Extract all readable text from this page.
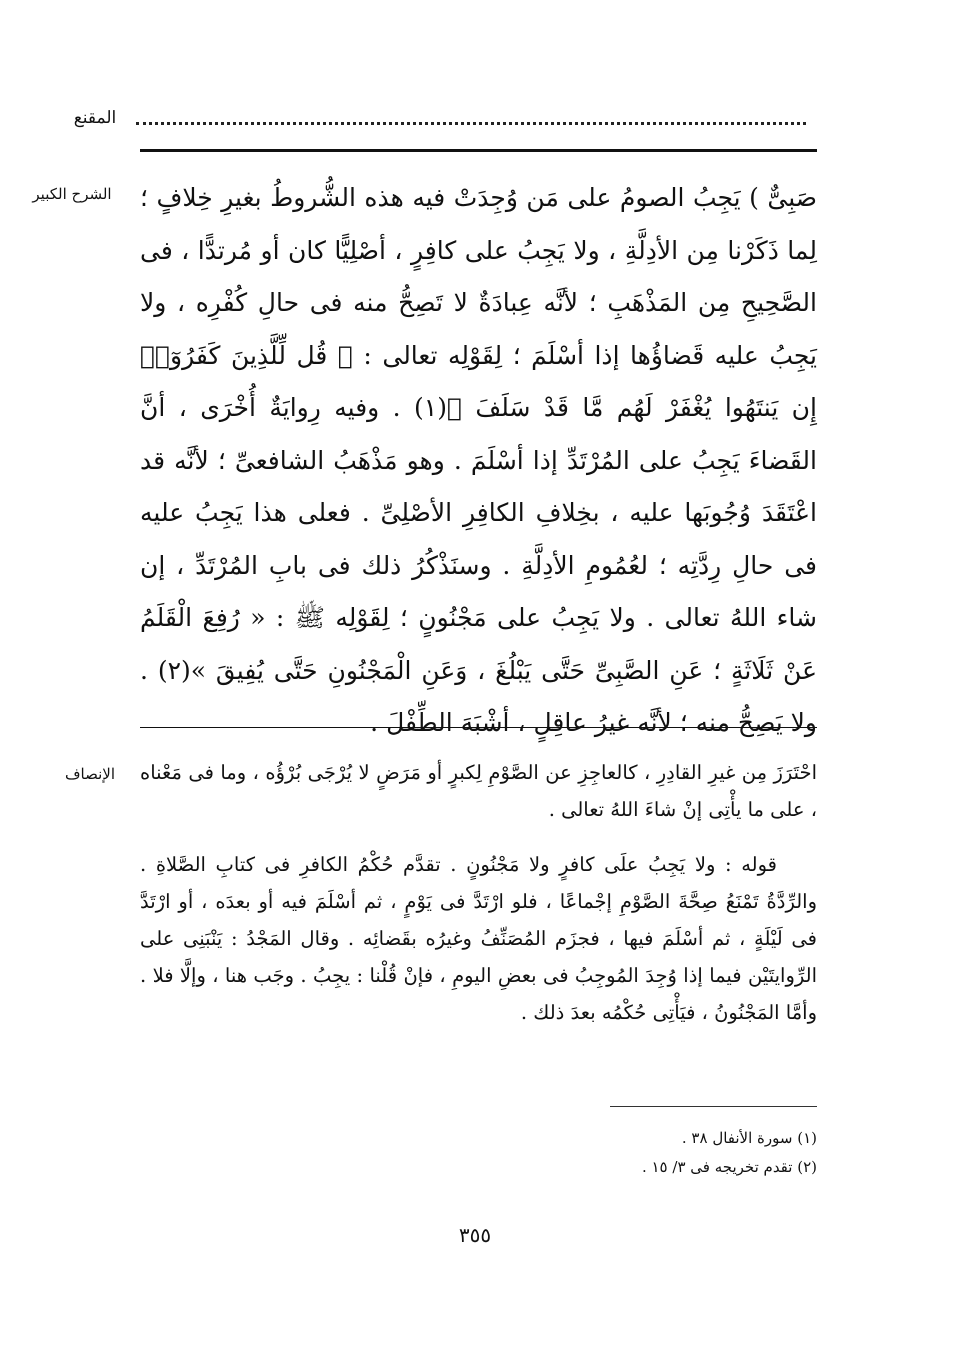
المقنع
الشرح الكبير	صَبِىٌّ ) يَجِبُ الصومُ على مَن وُجِدَتْ فيه هذه الشُّروطُ بغيرِ خِلافٍ ؛ لِما ذَكَرْنا مِن الأدِلَّةِ ، ولا يَجِبُ على كافِرٍ ، أصْلِيًّا كان أو مُرتدًّا ، فى الصَّحِيحِ مِن المَذْهَبِ ؛ لأنَّه عِبادَةٌ لا تَصِحُّ منه فى حالِ كُفْرِه ، ولا يَجِبُ عليه قَضاؤُها إذا أسْلَمَ ؛ لِقَوْلِه تعالى : ﴿ قُل لِّلَّذِينَ كَفَرُوٓا۟ إِن يَنتَهُوا يُغْفَرْ لَهُم مَّا قَدْ سَلَفَ ﴾(١) . وفيه رِوايَةٌ أُخْرَى ، أنَّ القَضاءَ يَجِبُ على المُرْتَدِّ إذا أسْلَمَ . وهو مَذْهَبُ الشافعىِّ ؛ لأنَّه قد اعْتَقَدَ وُجُوبَها عليه ، بخِلافِ الكافِرِ الأصْلِىِّ . فعلى هذا يَجِبُ عليه فى حالِ رِدَّتِه ؛ لعُمُومِ الأدِلَّةِ . وسنَذْكُرُ ذلك فى بابِ المُرْتَدِّ ، إن شاء اللهُ تعالى . ولا يَجِبُ على مَجْنُونٍ ؛ لِقَوْلِه ﷺ : « رُفِعَ الْقَلَمُ عَنْ ثَلَاثَةٍ ؛ عَنِ الصَّبِىِّ حَتَّى يَبْلُغَ ، وَعَنِ الْمَجْنُونِ حَتَّى يُفِيقَ »(٢) . ولا يَصِحُّ منه ؛ لأنَّه غيرُ عاقِلٍ ، أشْبَهَ الطِّفْلَ .

الإنصاف	احْتَرَزَ مِن غيرِ القادِرِ ، كالعاجِزِ عن الصَّوْمِ لِكبرٍ أو مَرَضٍ لا يُرْجَى بُرْؤُه ، وما فى مَعْناه ، على ما يأْتِى إنْ شاءَ اللهُ تعالى .

قوله : ولا يَجِبُ علَى كافرٍ ولا مَجْنُونٍ . تقدَّم حُكْمُ الكافرِ فى كتابِ الصَّلاةِ . والرِّدَّةُ تَمْنَعُ صِحَّةَ الصَّوْمِ إجْماعًا ، فلو ارْتَدَّ فى يَوْمٍ ، ثم أسْلَمَ فيه أو بعدَه ، أو ارْتَدَّ فى لَيْلَةٍ ، ثم أسْلَمَ فيها ، فجزَم المُصَنِّفُ وغيرُه بقَضائِه . وقال المَجْدُ : يَنْبَنِى على الرِّوايتَيْن فيما إذا وُجِدَ المُوجِبُ فى بعضِ اليومِ ، فإنْ قُلْنا : يجِبُ . وجَب هنا ، وإلَّا فلا . وأمَّا المَجْنُونُ ، فيَأْتِى حُكْمُه بعدَ ذلك .

(١) سورة الأنفال ٣٨ .
(٢) تقدم تخريجه فى ٣/ ١٥ .
٣٥٥
